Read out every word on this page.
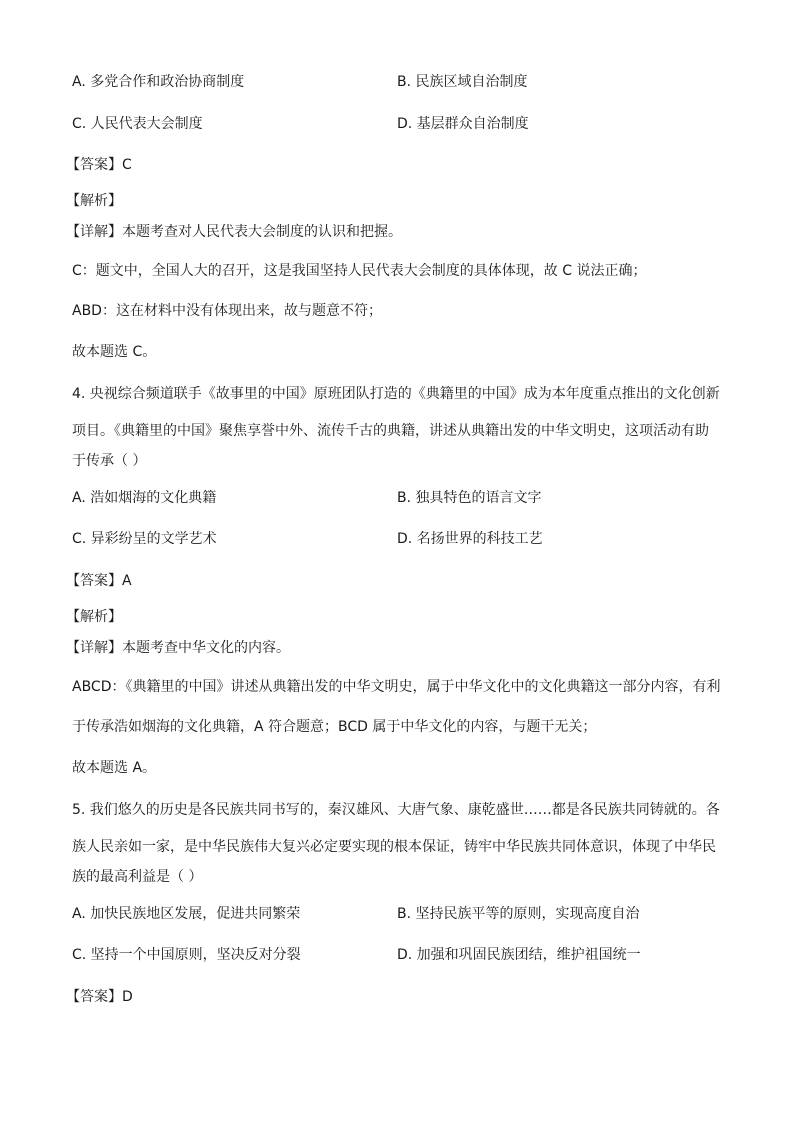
A. 多党合作和政治协商制度	B. 民族区域自治制度
C. 人民代表大会制度	D. 基层群众自治制度
【答案】C
【解析】
【详解】本题考查对人民代表大会制度的认识和把握。
C：题文中，全国人大的召开，这是我国坚持人民代表大会制度的具体体现，故 C 说法正确；
ABD：这在材料中没有体现出来，故与题意不符；
故本题选 C。
4. 央视综合频道联手《故事里的中国》原班团队打造的《典籍里的中国》成为本年度重点推出的文化创新
项目。《典籍里的中国》聚焦享誉中外、流传千古的典籍，讲述从典籍出发的中华文明史，这项活动有助
于传承（ ）
A. 浩如烟海的文化典籍	B. 独具特色的语言文字
C. 异彩纷呈的文学艺术	D. 名扬世界的科技工艺
【答案】A
【解析】
【详解】本题考查中华文化的内容。
ABCD：《典籍里的中国》讲述从典籍出发的中华文明史，属于中华文化中的文化典籍这一部分内容，有利
于传承浩如烟海的文化典籍，A 符合题意；BCD 属于中华文化的内容，与题干无关；
故本题选 A。
5. 我们悠久的历史是各民族共同书写的，秦汉雄风、大唐气象、康乾盛世……都是各民族共同铸就的。各
族人民亲如一家，是中华民族伟大复兴必定要实现的根本保证，铸牢中华民族共同体意识，体现了中华民
族的最高利益是（ ）
A. 加快民族地区发展，促进共同繁荣	B. 坚持民族平等的原则，实现高度自治
C. 坚持一个中国原则，坚决反对分裂	D. 加强和巩固民族团结，维护祖国统一
【答案】D
